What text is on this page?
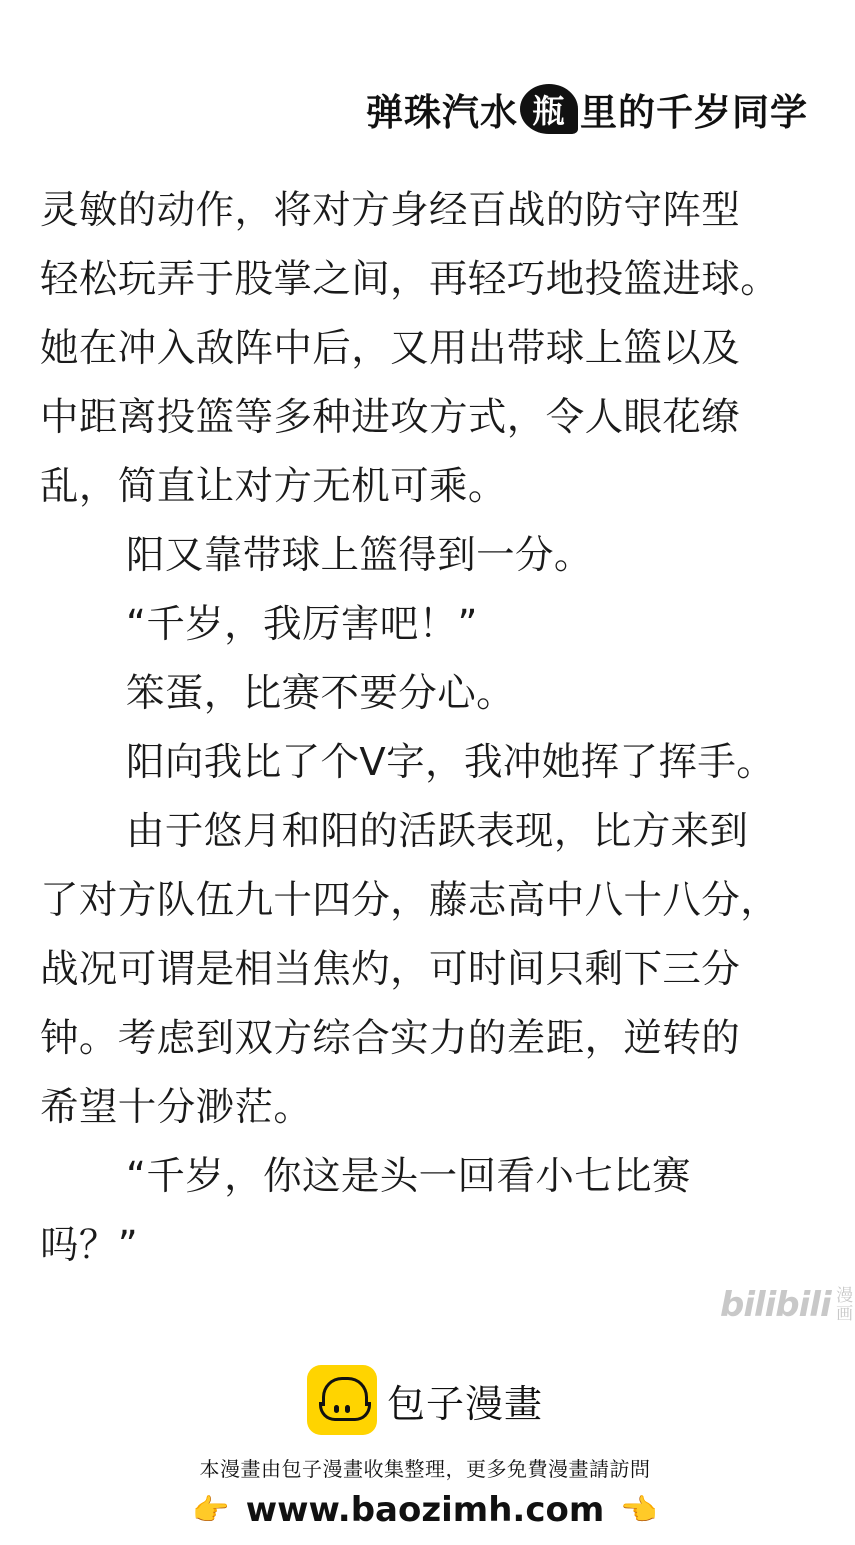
弹珠汽水 瓶 里的千岁同学
灵敏的动作，将对方身经百战的防守阵型
轻松玩弄于股掌之间，再轻巧地投篮进球。
她在冲入敌阵中后，又用出带球上篮以及
中距离投篮等多种进攻方式，令人眼花缭
乱，简直让对方无机可乘。
阳又靠带球上篮得到一分。
“千岁，我厉害吧！”
笨蛋，比赛不要分心。
阳向我比了个V字，我冲她挥了挥手。
由于悠月和阳的活跃表现，比方来到
了对方队伍九十四分，藤志高中八十八分，
战况可谓是相当焦灼，可时间只剩下三分
钟。考虑到双方综合实力的差距，逆转的
希望十分渺茫。
“千岁，你这是头一回看小七比赛
吗？”
bilibili 漫画
包子漫畫
本漫畫由包子漫畫收集整理，更多免費漫畫請訪問
👉 www.baozimh.com 👈
